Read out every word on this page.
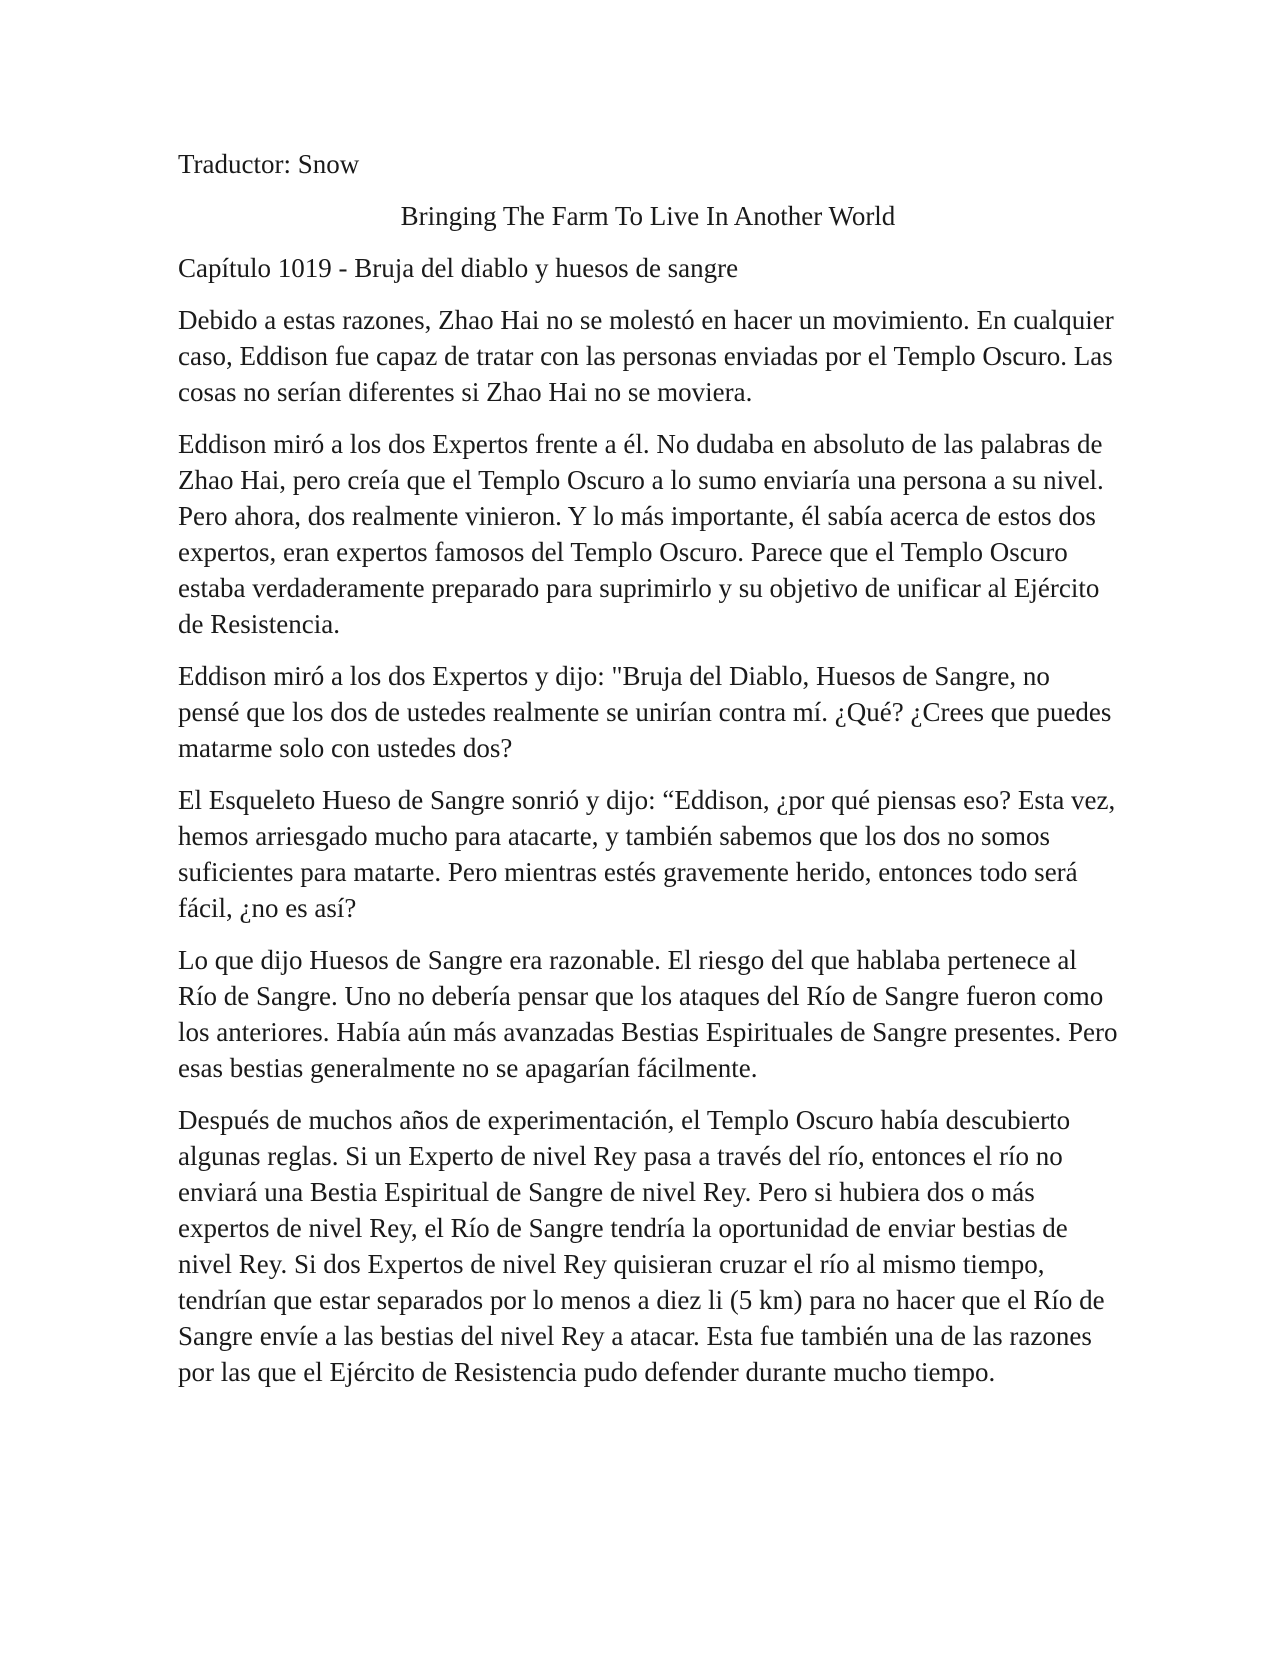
Traductor: Snow

Bringing The Farm To Live In Another World

Capítulo 1019 - Bruja del diablo y huesos de sangre

Debido a estas razones, Zhao Hai no se molestó en hacer un movimiento. En cualquier caso, Eddison fue capaz de tratar con las personas enviadas por el Templo Oscuro. Las cosas no serían diferentes si Zhao Hai no se moviera.

Eddison miró a los dos Expertos frente a él. No dudaba en absoluto de las palabras de Zhao Hai, pero creía que el Templo Oscuro a lo sumo enviaría una persona a su nivel. Pero ahora, dos realmente vinieron. Y lo más importante, él sabía acerca de estos dos expertos, eran expertos famosos del Templo Oscuro. Parece que el Templo Oscuro estaba verdaderamente preparado para suprimirlo y su objetivo de unificar al Ejército de Resistencia.

Eddison miró a los dos Expertos y dijo: "Bruja del Diablo, Huesos de Sangre, no pensé que los dos de ustedes realmente se unirían contra mí. ¿Qué? ¿Crees que puedes matarme solo con ustedes dos?

El Esqueleto Hueso de Sangre sonrió y dijo: “Eddison, ¿por qué piensas eso? Esta vez, hemos arriesgado mucho para atacarte, y también sabemos que los dos no somos suficientes para matarte. Pero mientras estés gravemente herido, entonces todo será fácil, ¿no es así?

Lo que dijo Huesos de Sangre era razonable. El riesgo del que hablaba pertenece al Río de Sangre. Uno no debería pensar que los ataques del Río de Sangre fueron como los anteriores. Había aún más avanzadas Bestias Espirituales de Sangre presentes. Pero esas bestias generalmente no se apagarían fácilmente.

Después de muchos años de experimentación, el Templo Oscuro había descubierto algunas reglas. Si un Experto de nivel Rey pasa a través del río, entonces el río no enviará una Bestia Espiritual de Sangre de nivel Rey. Pero si hubiera dos o más expertos de nivel Rey, el Río de Sangre tendría la oportunidad de enviar bestias de nivel Rey. Si dos Expertos de nivel Rey quisieran cruzar el río al mismo tiempo, tendrían que estar separados por lo menos a diez li (5 km) para no hacer que el Río de Sangre envíe a las bestias del nivel Rey a atacar. Esta fue también una de las razones por las que el Ejército de Resistencia pudo defender durante mucho tiempo.
